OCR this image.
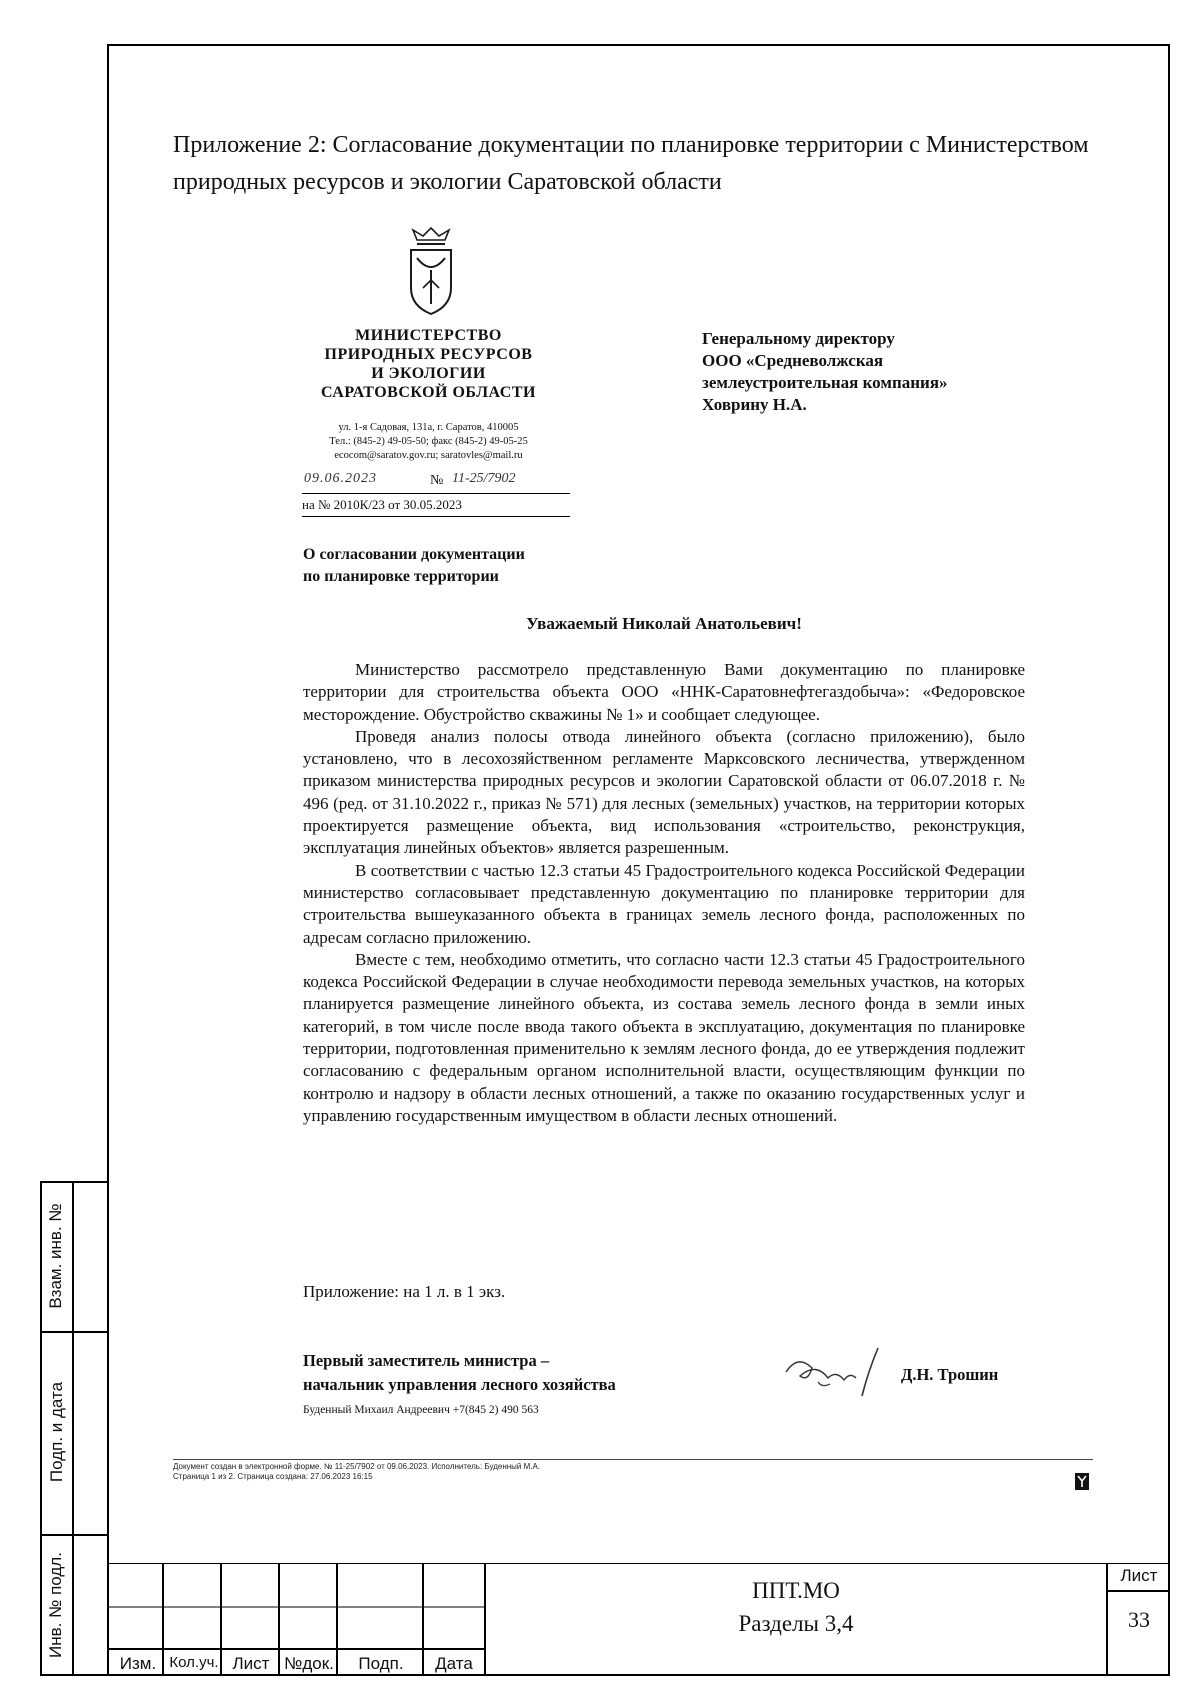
Взам. инв. №
Подп. и дата
Инв. № подл.
Приложение 2: Согласование документации по планировке территории с Министерством природных ресурсов и экологии Саратовской области
МИНИСТЕРСТВО
ПРИРОДНЫХ РЕСУРСОВ
И ЭКОЛОГИИ
САРАТОВСКОЙ ОБЛАСТИ
ул. 1-я Садовая, 131а, г. Саратов, 410005
Тел.: (845-2) 49-05-50; факс (845-2) 49-05-25
ecocom@saratov.gov.ru; saratovles@mail.ru
09.06.2023	№ 11-25/7902
на № 2010К/23 от 30.05.2023
Генеральному директору
ООО «Средневолжская
землеустроительная компания»
Ховрину Н.А.
О согласовании документации
по планировке территории
Уважаемый Николай Анатольевич!

Министерство рассмотрело представленную Вами документацию по планировке территории для строительства объекта ООО «ННК-Саратовнефтегаздобыча»: «Федоровское месторождение. Обустройство скважины № 1» и сообщает следующее.

Проведя анализ полосы отвода линейного объекта (согласно приложению), было установлено, что в лесохозяйственном регламенте Марксовского лесничества, утвержденном приказом министерства природных ресурсов и экологии Саратовской области от 06.07.2018 г. № 496 (ред. от 31.10.2022 г., приказ № 571) для лесных (земельных) участков, на территории которых проектируется размещение объекта, вид использования «строительство, реконструкция, эксплуатация линейных объектов» является разрешенным.

В соответствии с частью 12.3 статьи 45 Градостроительного кодекса Российской Федерации министерство согласовывает представленную документацию по планировке территории для строительства вышеуказанного объекта в границах земель лесного фонда, расположенных по адресам согласно приложению.

Вместе с тем, необходимо отметить, что согласно части 12.3 статьи 45 Градостроительного кодекса Российской Федерации в случае необходимости перевода земельных участков, на которых планируется размещение линейного объекта, из состава земель лесного фонда в земли иных категорий, в том числе после ввода такого объекта в эксплуатацию, документация по планировке территории, подготовленная применительно к землям лесного фонда, до ее утверждения подлежит согласованию с федеральным органом исполнительной власти, осуществляющим функции по контролю и надзору в области лесных отношений, а также по оказанию государственных услуг и управлению государственным имуществом в области лесных отношений.

Приложение: на 1 л. в 1 экз.
Первый заместитель министра –
начальник управления лесного хозяйства
Д.Н. Трошин
Буденный Михаил Андреевич +7(845 2) 490 563
Документ создан в электронной форме. № 11-25/7902 от 09.06.2023. Исполнитель: Буденный М.А.
Страница 1 из 2. Страница создана: 27.06.2023 16:15
Изм. Кол.уч. Лист №док.	Подп.	Дата
ППТ.МО
Разделы 3,4
Лист
33
